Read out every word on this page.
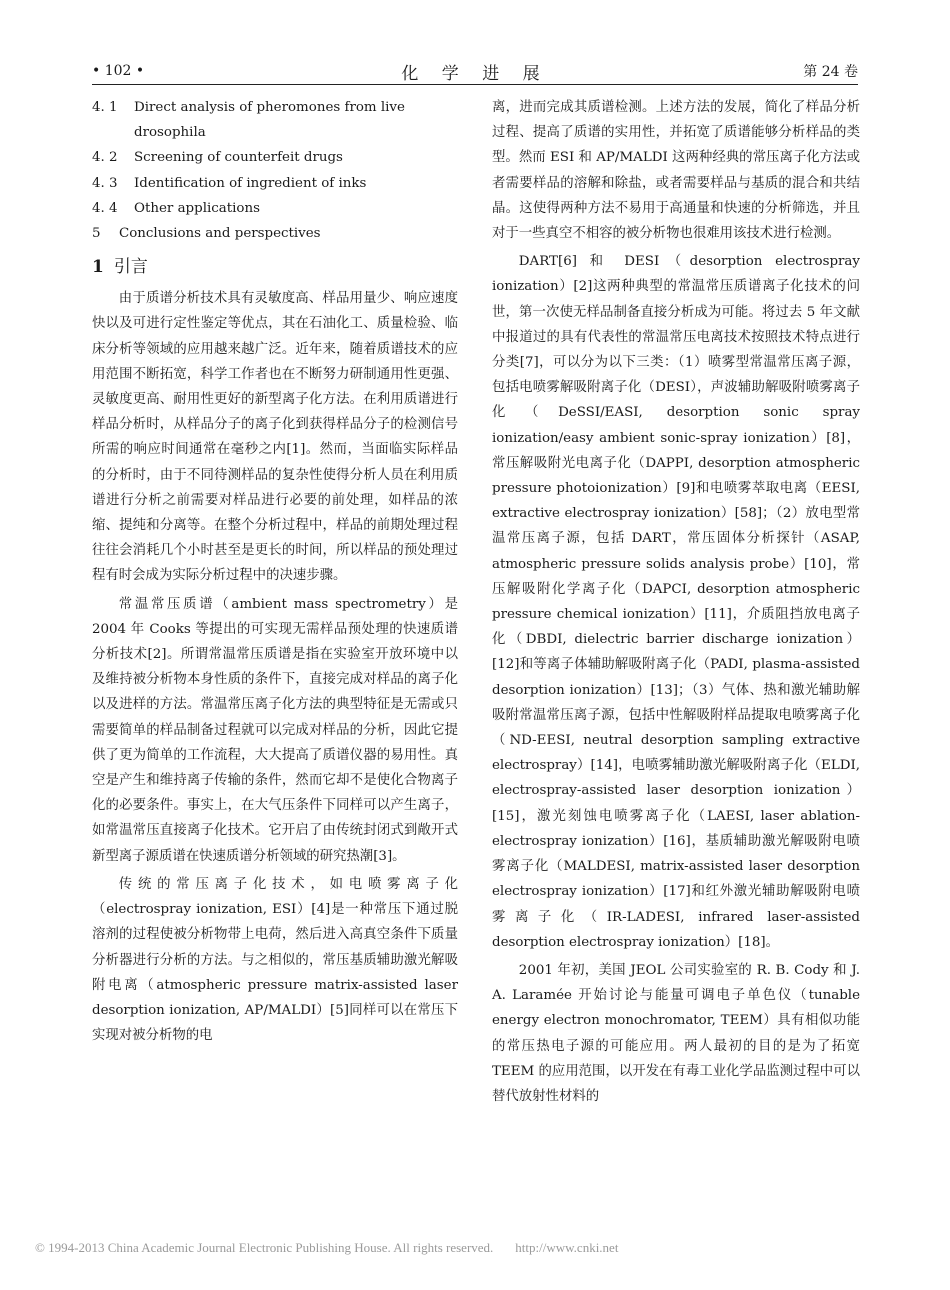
• 102 •	化 学 进 展	第 24 卷
4. 1	Direct analysis of pheromones from live drosophila
4. 2	Screening of counterfeit drugs
4. 3	Identification of ingredient of inks
4. 4	Other applications
5	Conclusions and perspectives
1 引言

由于质谱分析技术具有灵敏度高、样品用量少、响应速度快以及可进行定性鉴定等优点，其在石油化工、质量检验、临床分析等领域的应用越来越广泛。近年来，随着质谱技术的应用范围不断拓宽，科学工作者也在不断努力研制通用性更强、灵敏度更高、耐用性更好的新型离子化方法。在利用质谱进行样品分析时，从样品分子的离子化到获得样品分子的检测信号所需的响应时间通常在毫秒之内[1]。然而，当面临实际样品的分析时，由于不同待测样品的复杂性使得分析人员在利用质谱进行分析之前需要对样品进行必要的前处理，如样品的浓缩、提纯和分离等。在整个分析过程中，样品的前期处理过程往往会消耗几个小时甚至是更长的时间，所以样品的预处理过程有时会成为实际分析过程中的决速步骤。

常温常压质谱（ambient mass spectrometry）是2004 年 Cooks 等提出的可实现无需样品预处理的快速质谱分析技术[2]。所谓常温常压质谱是指在实验室开放环境中以及维持被分析物本身性质的条件下，直接完成对样品的离子化以及进样的方法。常温常压离子化方法的典型特征是无需或只需要简单的样品制备过程就可以完成对样品的分析，因此它提供了更为简单的工作流程，大大提高了质谱仪器的易用性。真空是产生和维持离子传输的条件，然而它却不是使化合物离子化的必要条件。事实上，在大气压条件下同样可以产生离子，如常温常压直接离子化技术。它开启了由传统封闭式到敞开式新型离子源质谱在快速质谱分析领域的研究热潮[3]。

传统的常压离子化技术，如电喷雾离子化（electrospray ionization, ESI）[4]是一种常压下通过脱溶剂的过程使被分析物带上电荷，然后进入高真空条件下质量分析器进行分析的方法。与之相似的，常压基质辅助激光解吸附电离（atmospheric pressure matrix-assisted laser desorption ionization, AP/MALDI）[5]同样可以在常压下实现对被分析物的电

离，进而完成其质谱检测。上述方法的发展，简化了样品分析过程、提高了质谱的实用性，并拓宽了质谱能够分析样品的类型。然而 ESI 和 AP/MALDI 这两种经典的常压离子化方法或者需要样品的溶解和除盐，或者需要样品与基质的混合和共结晶。这使得两种方法不易用于高通量和快速的分析筛选，并且对于一些真空不相容的被分析物也很难用该技术进行检测。

DART[6] 和 DESI（desorption electrospray ionization）[2]这两种典型的常温常压质谱离子化技术的问世，第一次使无样品制备直接分析成为可能。将过去 5 年文献中报道过的具有代表性的常温常压电离技术按照技术特点进行分类[7]，可以分为以下三类：（1）喷雾型常温常压离子源，包括电喷雾解吸附离子化（DESI），声波辅助解吸附喷雾离子化（DeSSI/EASI, desorption sonic spray ionization/easy ambient sonic-spray ionization）[8]，常压解吸附光电离子化（DAPPI, desorption atmospheric pressure photoionization）[9]和电喷雾萃取电离（EESI, extractive electrospray ionization）[58]；（2）放电型常温常压离子源，包括 DART，常压固体分析探针（ASAP, atmospheric pressure solids analysis probe）[10]，常压解吸附化学离子化（DAPCI, desorption atmospheric pressure chemical ionization）[11]，介质阻挡放电离子化（DBDI, dielectric barrier discharge ionization）[12]和等离子体辅助解吸附离子化（PADI, plasma-assisted desorption ionization）[13]；（3）气体、热和激光辅助解吸附常温常压离子源，包括中性解吸附样品提取电喷雾离子化（ND-EESI, neutral desorption sampling extractive electrospray）[14]，电喷雾辅助激光解吸附离子化（ELDI, electrospray-assisted laser desorption ionization）[15]，激光刻蚀电喷雾离子化（LAESI, laser ablation-electrospray ionization）[16]，基质辅助激光解吸附电喷雾离子化（MALDESI, matrix-assisted laser desorption electrospray ionization）[17]和红外激光辅助解吸附电喷雾离子化（IR-LADESI, infrared laser-assisted desorption electrospray ionization）[18]。

2001 年初，美国 JEOL 公司实验室的 R. B. Cody 和 J. A. Laramée 开始讨论与能量可调电子单色仪（tunable energy electron monochromator, TEEM）具有相似功能的常压热电子源的可能应用。两人最初的目的是为了拓宽 TEEM 的应用范围，以开发在有毒工业化学品监测过程中可以替代放射性材料的

© 1994-2013 China Academic Journal Electronic Publishing House. All rights reserved. http://www.cnki.net
